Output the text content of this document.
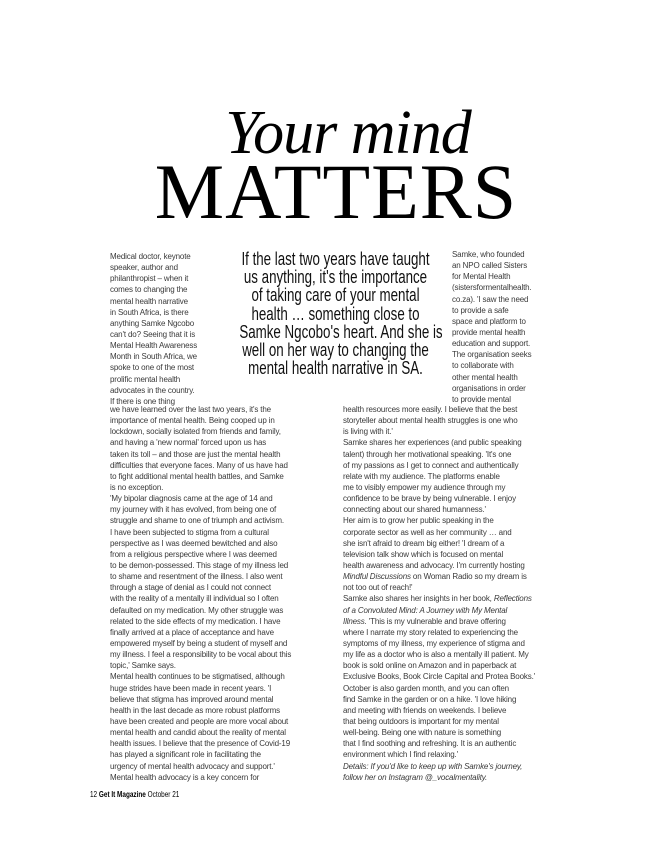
Your mind
MATTERS
Medical doctor, keynote
speaker, author and
philanthropist – when it
comes to changing the
mental health narrative
in South Africa, is there
anything Samke Ngcobo
can't do? Seeing that it is
Mental Health Awareness
Month in South Africa, we
spoke to one of the most
prolific mental health
advocates in the country.
If there is one thing
If the last two years have taught
us anything, it's the importance
of taking care of your mental
health … something close to
Samke Ngcobo's heart. And she is
well on her way to changing the
mental health narrative in SA.
Samke, who founded
an NPO called Sisters
for Mental Health
(sistersformentalhealth.
co.za). 'I saw the need
to provide a safe
space and platform to
provide mental health
education and support.
The organisation seeks
to collaborate with
other mental health
organisations in order
to provide mental
we have learned over the last two years, it's the
importance of mental health. Being cooped up in
lockdown, socially isolated from friends and family,
and having a 'new normal' forced upon us has
taken its toll – and those are just the mental health
difficulties that everyone faces. Many of us have had
to fight additional mental health battles, and Samke
is no exception.
'My bipolar diagnosis came at the age of 14 and
my journey with it has evolved, from being one of
struggle and shame to one of triumph and activism.
I have been subjected to stigma from a cultural
perspective as I was deemed bewitched and also
from a religious perspective where I was deemed
to be demon-possessed. This stage of my illness led
to shame and resentment of the illness. I also went
through a stage of denial as I could not connect
with the reality of a mentally ill individual so I often
defaulted on my medication. My other struggle was
related to the side effects of my medication. I have
finally arrived at a place of acceptance and have
empowered myself by being a student of myself and
my illness. I feel a responsibility to be vocal about this
topic,' Samke says.
Mental health continues to be stigmatised, although
huge strides have been made in recent years. 'I
believe that stigma has improved around mental
health in the last decade as more robust platforms
have been created and people are more vocal about
mental health and candid about the reality of mental
health issues. I believe that the presence of Covid-19
has played a significant role in facilitating the
urgency of mental health advocacy and support.'
Mental health advocacy is a key concern for
health resources more easily. I believe that the best
storyteller about mental health struggles is one who
is living with it.'
Samke shares her experiences (and public speaking
talent) through her motivational speaking. 'It's one
of my passions as I get to connect and authentically
relate with my audience. The platforms enable
me to visibly empower my audience through my
confidence to be brave by being vulnerable. I enjoy
connecting about our shared humanness.'
Her aim is to grow her public speaking in the
corporate sector as well as her community … and
she isn't afraid to dream big either! 'I dream of a
television talk show which is focused on mental
health awareness and advocacy. I'm currently hosting
Mindful Discussions on Woman Radio so my dream is
not too out of reach!'
Samke also shares her insights in her book, Reflections
of a Convoluted Mind: A Journey with My Mental
Illness. 'This is my vulnerable and brave offering
where I narrate my story related to experiencing the
symptoms of my illness, my experience of stigma and
my life as a doctor who is also a mentally ill patient. My
book is sold online on Amazon and in paperback at
Exclusive Books, Book Circle Capital and Protea Books.'
October is also garden month, and you can often
find Samke in the garden or on a hike. 'I love hiking
and meeting with friends on weekends. I believe
that being outdoors is important for my mental
well-being. Being one with nature is something
that I find soothing and refreshing. It is an authentic
environment which I find relaxing.'
Details: If you'd like to keep up with Samke's journey,
follow her on Instagram @_vocalmentality.
12 Get It Magazine October 21
